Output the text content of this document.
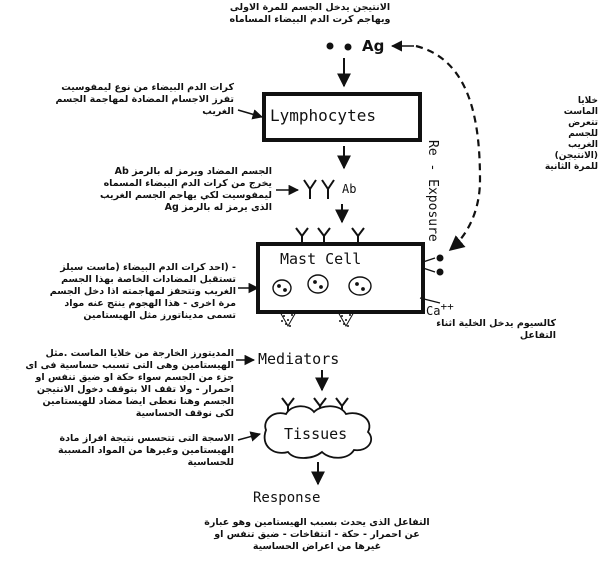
Ag
Lymphocytes
Ab
Mast Cell
Ca++
Mediators
Tissues
Response
Re - Exposure
الانتيجن يدخل الجسم للمرة الاولى
ويهاجم كرت الدم البيضاء المساماه
كرات الدم البيضاء من نوع ليمفوسيت
تفرز الاجسام المضادة لمهاجمة الجسم
الغريب
الجسم المضاد ويرمز له بالرمز Ab
يخرج من كرات الدم البيضاء المسماه
ليمفوسيت لكي يهاجم الجسم الغريب
الذى يرمز له بالرمز Ag
خلايا
الماست
تتعرض
للجسم
الغريب
(الانتيجن)
للمرة الثانية
- (احد كرات الدم البيضاء (ماست سيلز
تستقبل المضادات الخاصة بهذا الجسم
الغريب وتتحفز لمهاجمته اذا دخل الجسم
مرة اخرى - هذا الهجوم ينتج عنه مواد
تسمى مديناتورز مثل الهيستامين
كالسيوم يدخل الخلية اثناء
التفاعل
المديتورز الخارجة من خلايا الماست .مثل
الهيستامين وهى التى تسبب حساسية فى اى
جزء من الجسم سواء حكة او ضيق تنفس او
احمرار - ولا تقف الا بتوقف دخول الانتيجن
الجسم وهنا نعطى ايضا مضاد للهيستامين
لكى نوقف الحساسية
الاسجة التى تتحسس نتيجة افراز مادة
الهيستامين وغيرها من المواد المسببة
للحساسية
التفاعل الذى يحدث بسبب الهيستامين وهو عبارة
عن احمرار - حكة - انتفاخات - ضيق تنفس او
غيرها من اعراض الحساسية
